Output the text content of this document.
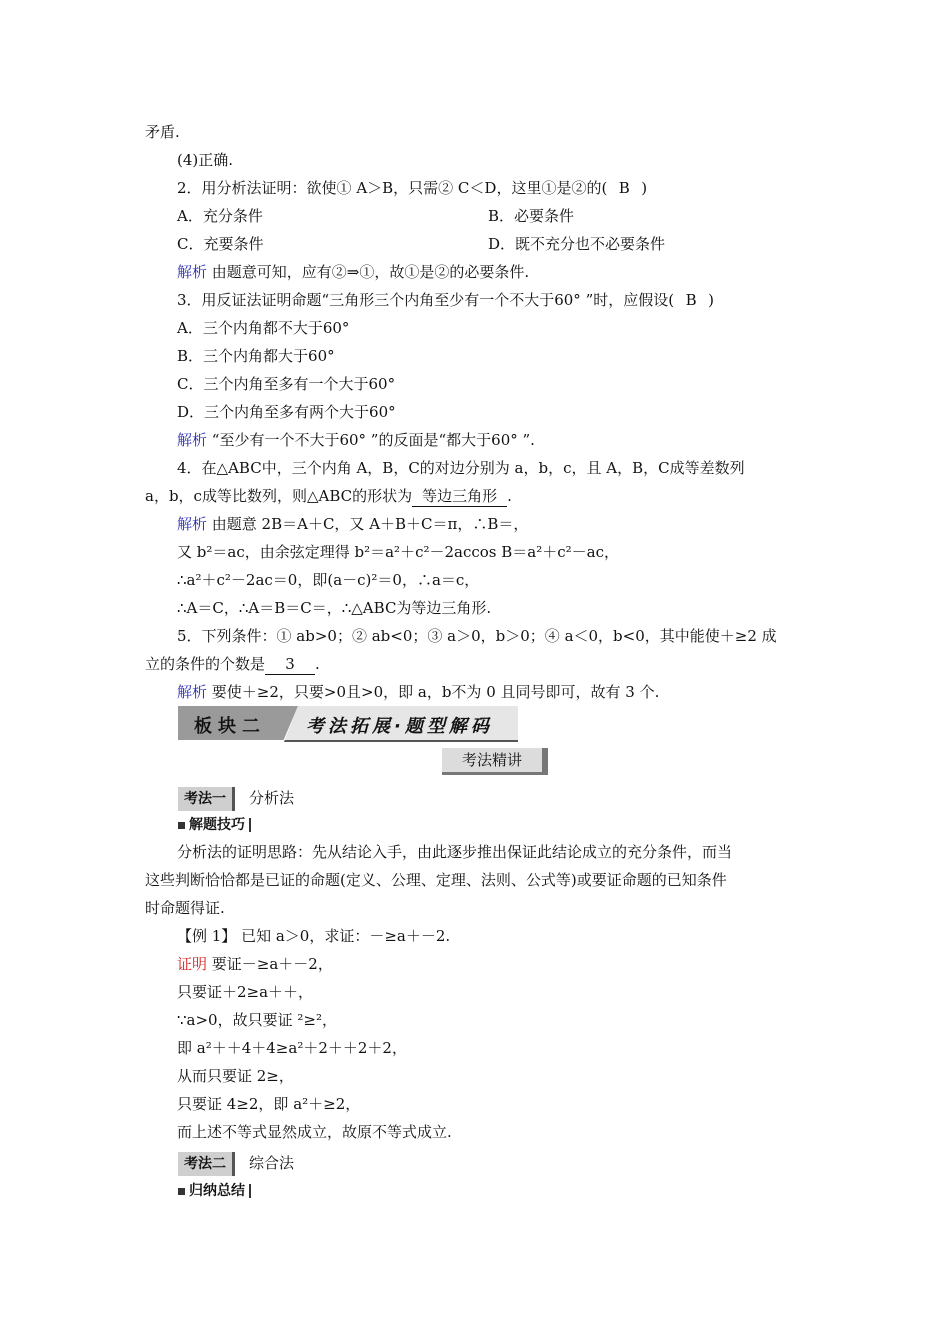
矛盾.
(4)正确.
2．用分析法证明：欲使① A＞B，只需② C＜D，这里①是②的( B )
A．充分条件	B．必要条件
C．充要条件	D．既不充分也不必要条件
解析 由题意可知，应有②⇒①，故①是②的必要条件.
3．用反证法证明命题“三角形三个内角至少有一个不大于60° ”时，应假设( B )
A．三个内角都不大于60°
B．三个内角都大于60°
C．三个内角至多有一个大于60°
D．三个内角至多有两个大于60°
解析 “至少有一个不大于60° ”的反面是“都大于60° ”.
4．在△ABC中，三个内角 A，B，C的对边分别为 a，b，c，且 A，B，C成等差数列
a，b，c成等比数列，则△ABC的形状为 等边三角形 .
解析 由题意 2B＝A＋C，又 A＋B＋C＝π，∴B＝，
又 b²＝ac，由余弦定理得 b²＝a²＋c²－2accos B＝a²＋c²－ac，
∴a²＋c²－2ac＝0，即(a－c)²＝0，∴a＝c，
∴A＝C，∴A＝B＝C＝，∴△ABC为等边三角形.
5．下列条件：① ab>0；② ab<0；③ a＞0，b＞0；④ a＜0，b<0，其中能使＋≥2 成
立的条件的个数是 3 .
解析 要使＋≥2，只要>0且>0，即 a，b不为 0 且同号即可，故有 3 个.
板块二 考法拓展·题型解码
考法精讲
考法一 分析法
解题技巧
分析法的证明思路：先从结论入手，由此逐步推出保证此结论成立的充分条件，而当
这些判断恰恰都是已证的命题(定义、公理、定理、法则、公式等)或要证命题的已知条件
时命题得证.
【例 1】 已知 a＞0，求证：－≥a＋－2.
证明 要证－≥a＋－2，
只要证＋2≥a＋＋，
∵a>0，故只要证 ²≥²，
即 a²＋＋4＋4≥a²＋2＋＋2＋2，
从而只要证 2≥，
只要证 4≥2，即 a²＋≥2，
而上述不等式显然成立，故原不等式成立.
考法二 综合法
归纳总结
